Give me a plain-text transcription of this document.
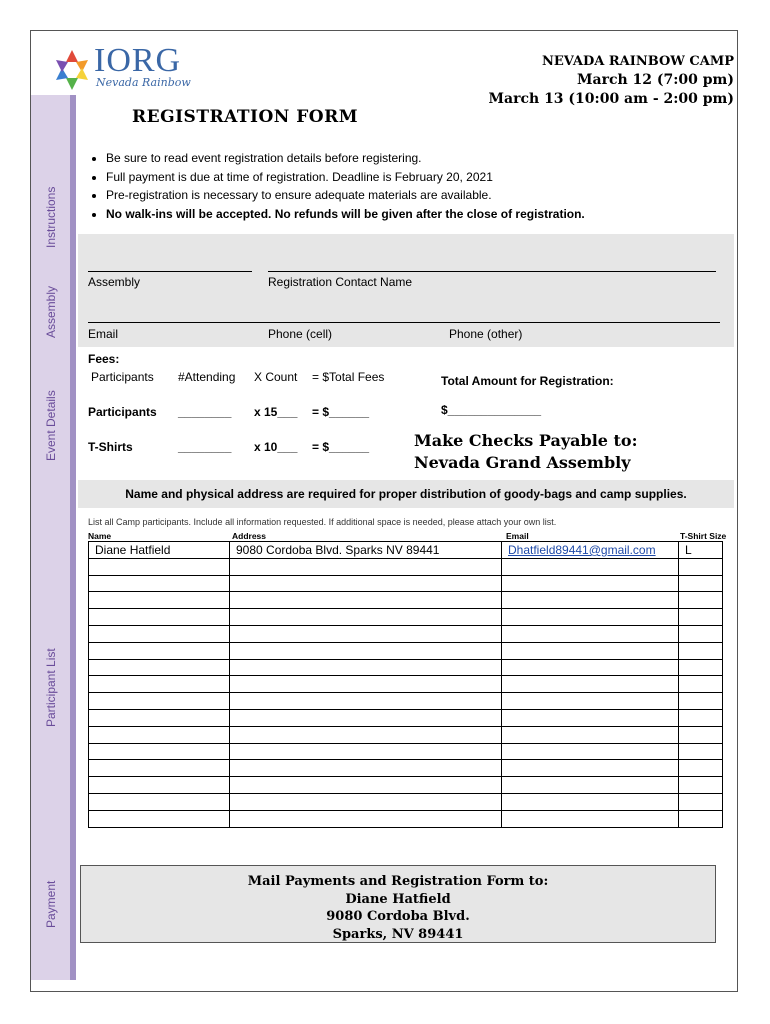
Instructions
Assembly
Event Details
Participant List
Payment
IORG
Nevada Rainbow
NEVADA RAINBOW CAMP
March 12 (7:00 pm)
March 13 (10:00 am - 2:00 pm)
REGISTRATION FORM
• Be sure to read event registration details before registering.
• Full payment is due at time of registration. Deadline is February 20, 2021
• Pre-registration is necessary to ensure adequate materials are available.
• No walk-ins will be accepted. No refunds will be given after the close of registration.
Assembly	Registration Contact Name
Email	Phone (cell)	Phone (other)
Fees:
Participants #Attending X Count = $Total Fees	Total Amount for Registration:
Participants ________ x 15___ = $______	$______________
T-Shirts	________ x 10___ = $______	Make Checks Payable to:
Nevada Grand Assembly
Name and physical address are required for proper distribution of goody-bags and camp supplies.
List all Camp participants. Include all information requested. If additional space is needed, please attach your own list.
Name	Address	Email	T-Shirt Size
Diane Hatfield	9080 Cordoba Blvd. Sparks NV 89441	Dhatfield89441@gmail.com	L

Mail Payments and Registration Form to:
Diane Hatfield
9080 Cordoba Blvd.
Sparks, NV 89441
